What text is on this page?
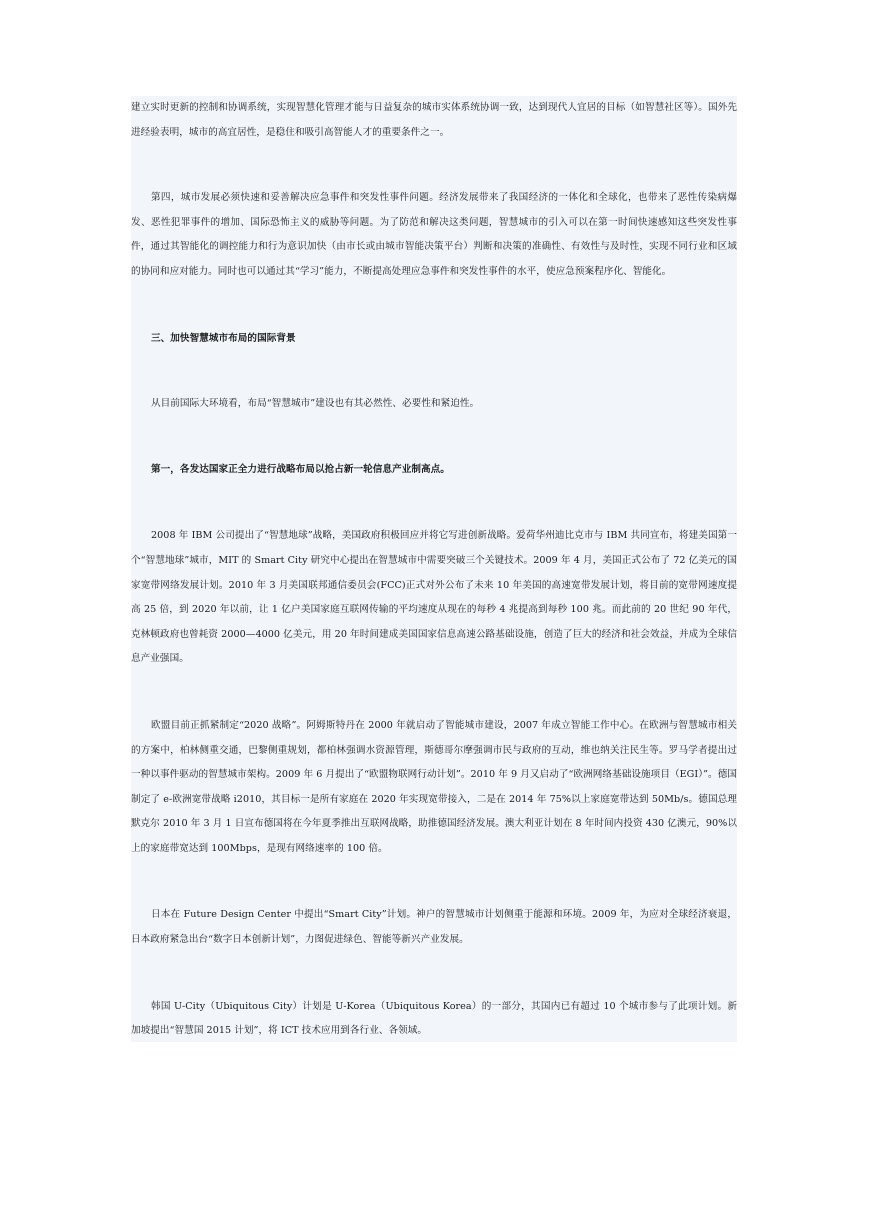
建立实时更新的控制和协调系统，实现智慧化管理才能与日益复杂的城市实体系统协调一致，达到现代人宜居的目标（如智慧社区等）。国外先进经验表明，城市的高宜居性，是稳住和吸引高智能人才的重要条件之一。

第四，城市发展必须快速和妥善解决应急事件和突发性事件问题。经济发展带来了我国经济的一体化和全球化，也带来了恶性传染病爆发、恶性犯罪事件的增加、国际恐怖主义的威胁等问题。为了防范和解决这类问题，智慧城市的引入可以在第一时间快速感知这些突发性事件，通过其智能化的调控能力和行为意识加快（由市长或由城市智能决策平台）判断和决策的准确性、有效性与及时性，实现不同行业和区域的协同和应对能力。同时也可以通过其“学习”能力，不断提高处理应急事件和突发性事件的水平，使应急预案程序化、智能化。

三、加快智慧城市布局的国际背景

从目前国际大环境看，布局“智慧城市”建设也有其必然性、必要性和紧迫性。

第一，各发达国家正全力进行战略布局以抢占新一轮信息产业制高点。

2008 年 IBM 公司提出了“智慧地球”战略，美国政府积极回应并将它写进创新战略。爱荷华州迪比克市与 IBM 共同宣布，将建美国第一个“智慧地球”城市，MIT 的 Smart City 研究中心提出在智慧城市中需要突破三个关键技术。2009 年 4 月，美国正式公布了 72 亿美元的国家宽带网络发展计划。2010 年 3 月美国联邦通信委员会(FCC)正式对外公布了未来 10 年美国的高速宽带发展计划，将目前的宽带网速度提高 25 倍，到 2020 年以前，让 1 亿户美国家庭互联网传输的平均速度从现在的每秒 4 兆提高到每秒 100 兆。而此前的 20 世纪 90 年代，克林顿政府也曾耗资 2000—4000 亿美元，用 20 年时间建成美国国家信息高速公路基础设施，创造了巨大的经济和社会效益，并成为全球信息产业强国。

欧盟目前正抓紧制定“2020 战略”。阿姆斯特丹在 2000 年就启动了智能城市建设，2007 年成立智能工作中心。在欧洲与智慧城市相关的方案中，柏林侧重交通，巴黎侧重规划，都柏林强调水资源管理，斯德哥尔摩强调市民与政府的互动，维也纳关注民生等。罗马学者提出过一种以事件驱动的智慧城市架构。2009 年 6 月提出了“欧盟物联网行动计划”。2010 年 9 月又启动了“欧洲网络基础设施项目（EGI）”。德国制定了 e-欧洲宽带战略 i2010，其目标一是所有家庭在 2020 年实现宽带接入，二是在 2014 年 75%以上家庭宽带达到 50Mb/s。德国总理默克尔 2010 年 3 月 1 日宣布德国将在今年夏季推出互联网战略，助推德国经济发展。澳大利亚计划在 8 年时间内投资 430 亿澳元，90%以上的家庭带宽达到 100Mbps，是现有网络速率的 100 倍。

日本在 Future Design Center 中提出“Smart City”计划。神户的智慧城市计划侧重于能源和环境。2009 年，为应对全球经济衰退，日本政府紧急出台“数字日本创新计划”，力图促进绿色、智能等新兴产业发展。

韩国 U-City（Ubiquitous City）计划是 U-Korea（Ubiquitous Korea）的一部分，其国内已有超过 10 个城市参与了此项计划。新加坡提出“智慧国 2015 计划”，将 ICT 技术应用到各行业、各领域。
